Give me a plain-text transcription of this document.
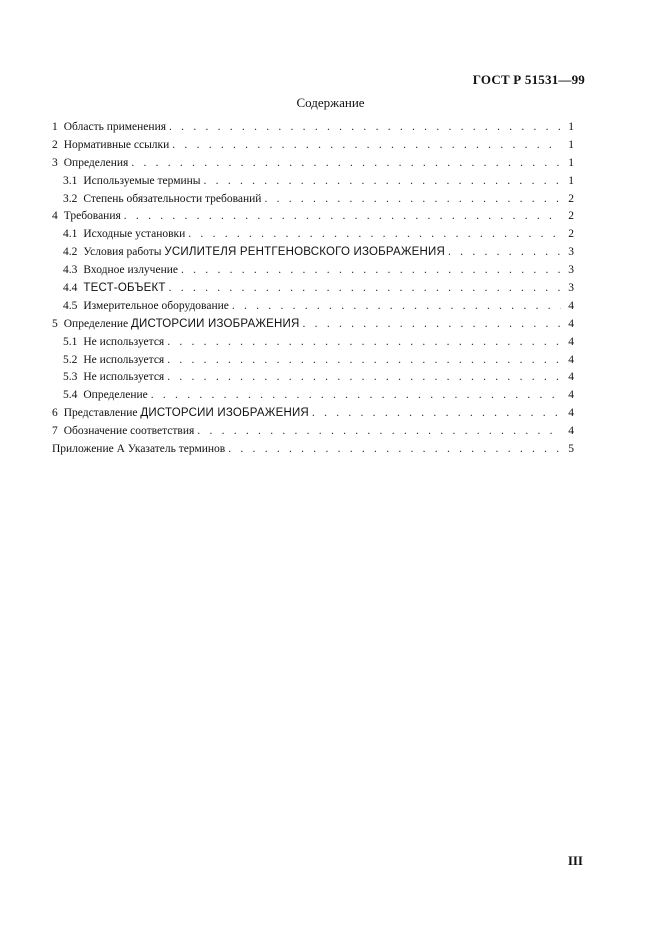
ГОСТ Р 51531—99
Содержание
1 Область применения . . .	1
2 Нормативные ссылки . . .	1
3 Определения . . .	1
3.1 Используемые термины . . .	1
3.2 Степень обязательности требований . . .	2
4 Требования . . .	2
4.1 Исходные установки . . .	2
4.2 Условия работы УСИЛИТЕЛЯ РЕНТГЕНОВСКОГО ИЗОБРАЖЕНИЯ . . .	3
4.3 Входное излучение . . .	3
4.4 ТЕСТ-ОБЪЕКТ . . .	3
4.5 Измерительное оборудование . . .	4
5 Определение ДИСТОРСИИ ИЗОБРАЖЕНИЯ . . .	4
5.1 Не используется . . .	4
5.2 Не используется . . .	4
5.3 Не используется . . .	4
5.4 Определение . . .	4
6 Представление ДИСТОРСИИ ИЗОБРАЖЕНИЯ . . .	4
7 Обозначение соответствия . . .	4
Приложение А Указатель терминов . . .	5
III
